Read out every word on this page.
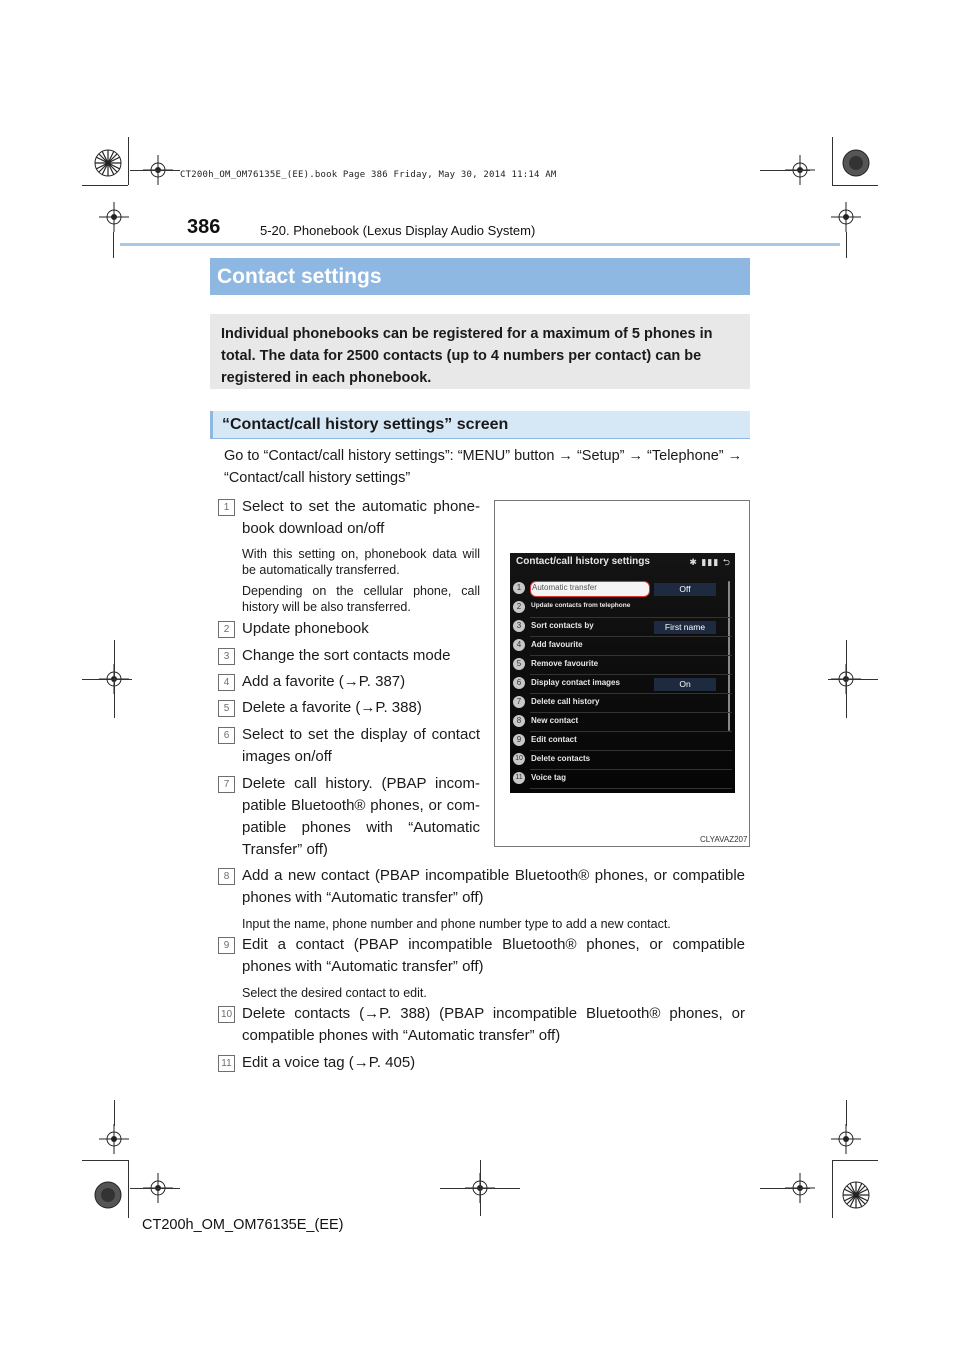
CT200h_OM_OM76135E_(EE).book Page 386 Friday, May 30, 2014 11:14 AM
386	5-20. Phonebook (Lexus Display Audio System)
Contact settings
Individual phonebooks can be registered for a maximum of 5 phones in total. The data for 2500 contacts (up to 4 numbers per contact) can be registered in each phonebook.
“Contact/call history settings” screen
Go to “Contact/call history settings”: “MENU” button → “Setup” → “Telephone” → “Contact/call history settings”
1 Select to set the automatic phonebook download on/off
With this setting on, phonebook data will be automatically transferred.
Depending on the cellular phone, call history will be also transferred.
2 Update phonebook
3 Change the sort contacts mode
4 Add a favorite (→P. 387)
5 Delete a favorite (→P. 388)
6 Select to set the display of contact images on/off
7 Delete call history. (PBAP incompatible Bluetooth® phones, or compatible phones with “Automatic Transfer” off)
8 Add a new contact (PBAP incompatible Bluetooth® phones, or compatible phones with “Automatic transfer” off)
Input the name, phone number and phone number type to add a new contact.
9 Edit a contact (PBAP incompatible Bluetooth® phones, or compatible phones with “Automatic transfer” off)
Select the desired contact to edit.
10 Delete contacts (→P. 388) (PBAP incompatible Bluetooth® phones, or compatible phones with “Automatic transfer” off)
11 Edit a voice tag (→P. 405)
Contact/call history settings	✱ ▮▮▮ ⮌
1	Automatic transfer	Off
2	Update contacts from telephone
3	Sort contacts by	First name
4	Add favourite
5	Remove favourite
6	Display contact images	On
7	Delete call history
8	New contact
9	Edit contact
10 Delete contacts
11 Voice tag
CLYAVAZ207
CT200h_OM_OM76135E_(EE)
